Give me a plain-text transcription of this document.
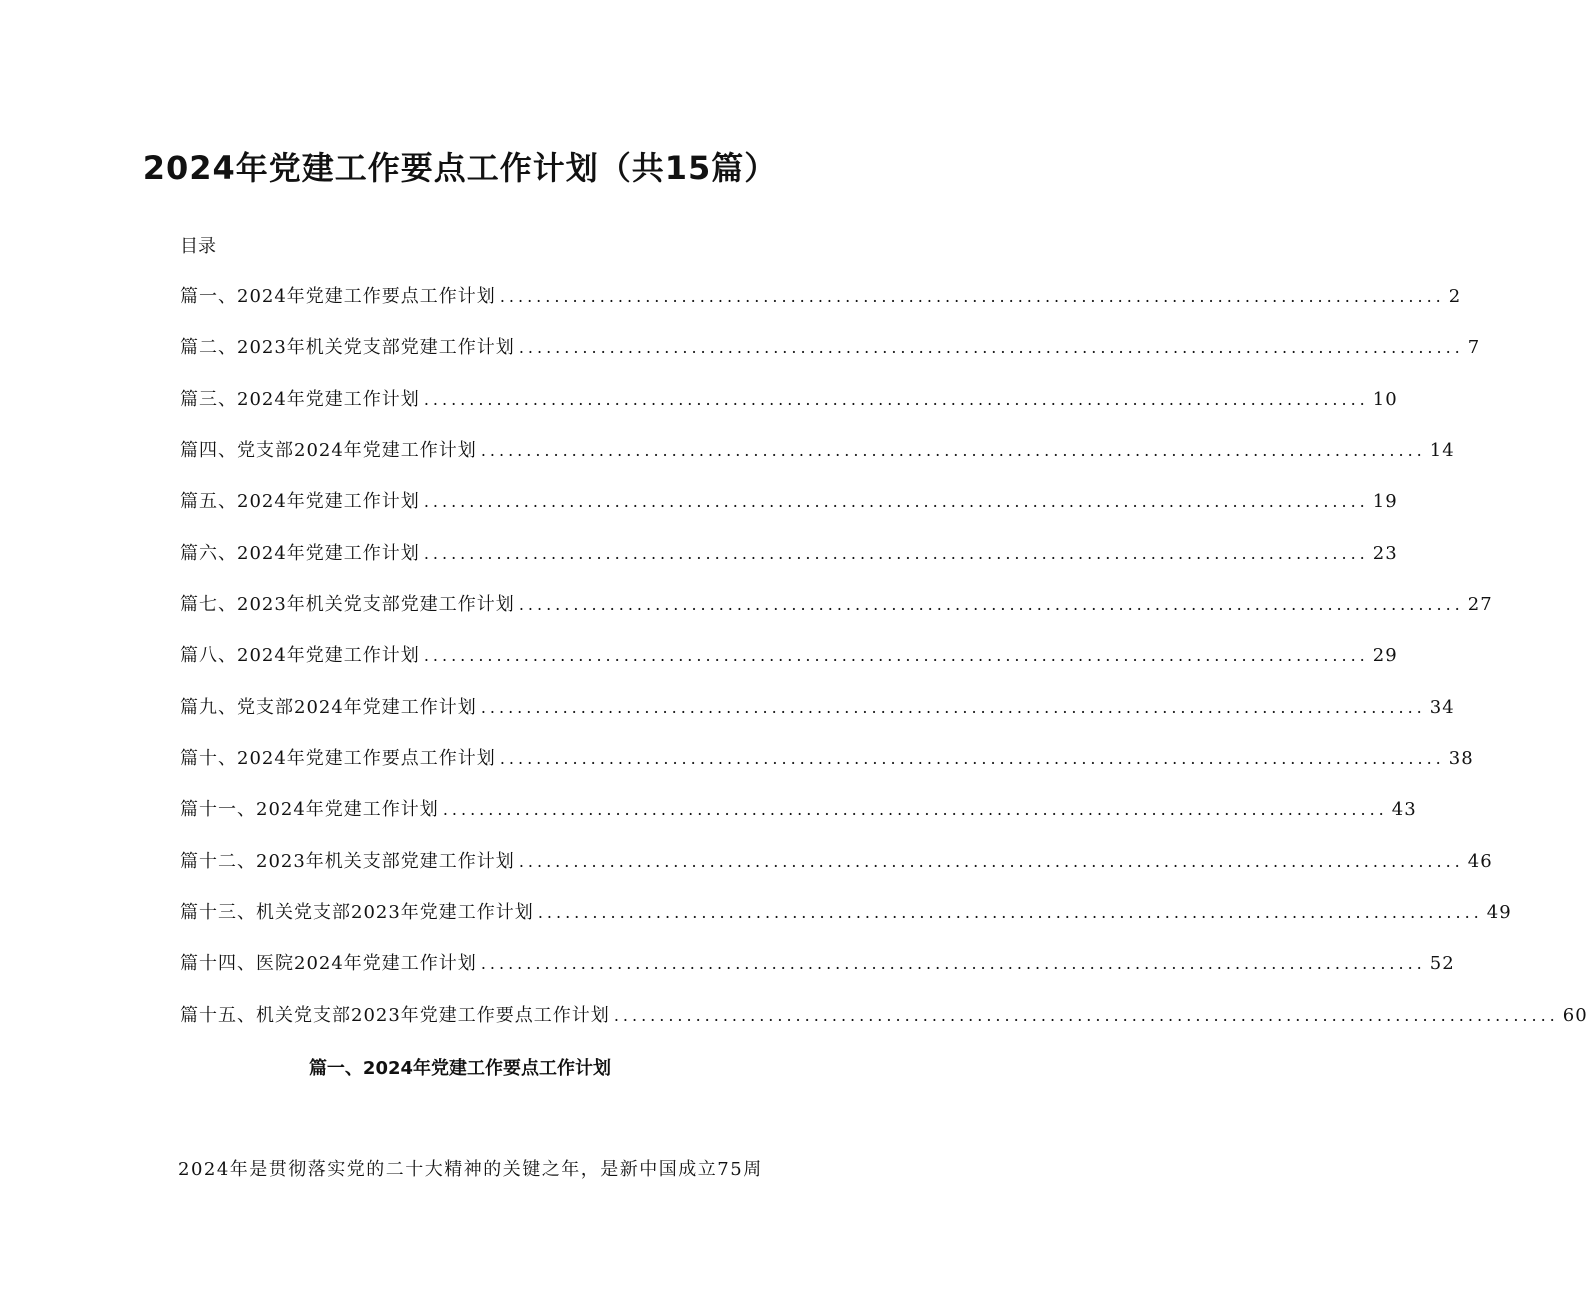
2024年党建工作要点工作计划（共15篇）
目录
篇一、2024年党建工作要点工作计划 ........................................................................................................ 2
篇二、2023年机关党支部党建工作计划 ........................................................................................................ 7
篇三、2024年党建工作计划 ........................................................................................................ 10
篇四、党支部2024年党建工作计划 ........................................................................................................ 14
篇五、2024年党建工作计划 ........................................................................................................ 19
篇六、2024年党建工作计划 ........................................................................................................ 23
篇七、2023年机关党支部党建工作计划 ........................................................................................................ 27
篇八、2024年党建工作计划 ........................................................................................................ 29
篇九、党支部2024年党建工作计划 ........................................................................................................ 34
篇十、2024年党建工作要点工作计划 ........................................................................................................ 38
篇十一、2024年党建工作计划 ........................................................................................................ 43
篇十二、2023年机关支部党建工作计划 ........................................................................................................ 46
篇十三、机关党支部2023年党建工作计划 ........................................................................................................ 49
篇十四、医院2024年党建工作计划 ........................................................................................................ 52
篇十五、机关党支部2023年党建工作要点工作计划 ........................................................................................................ 60
篇一、2024年党建工作要点工作计划

2024年是贯彻落实党的二十大精神的关键之年，是新中国成立75周
